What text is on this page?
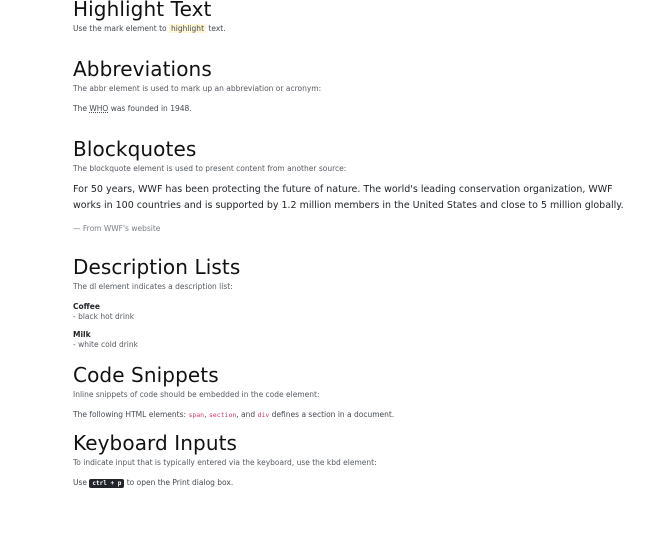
Highlight Text

Use the mark element to highlight text.

Abbreviations

The abbr element is used to mark up an abbreviation or acronym:

The WHO was founded in 1948.

Blockquotes

The blockquote element is used to present content from another source:

For 50 years, WWF has been protecting the future of nature. The world's leading conservation organization, WWF works in 100 countries and is supported by 1.2 million members in the United States and close to 5 million globally.

— From WWF's website

Description Lists

The dl element indicates a description list:

Coffee

- black hot drink

Milk

- white cold drink

Code Snippets

Inline snippets of code should be embedded in the code element:

The following HTML elements: span, section, and div defines a section in a document.

Keyboard Inputs

To indicate input that is typically entered via the keyboard, use the kbd element:

Use ctrl + p to open the Print dialog box.
